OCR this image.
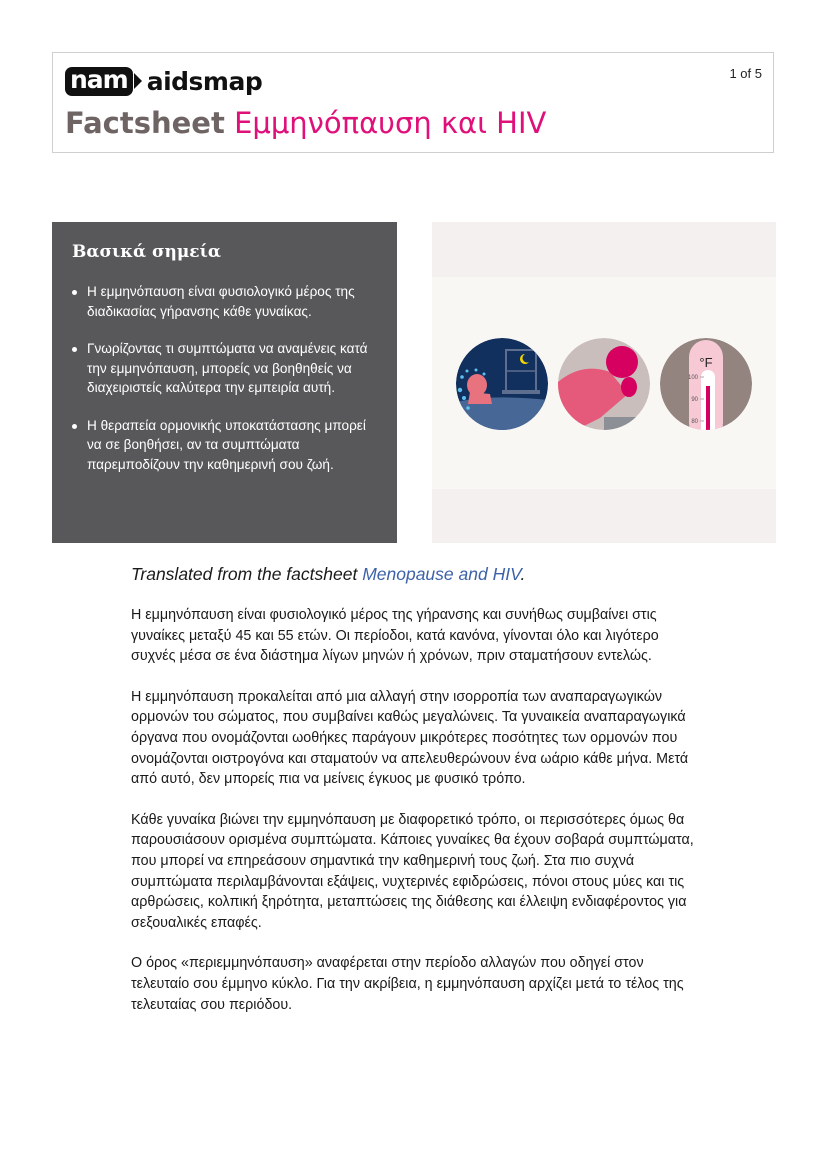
nam aidsmap	1 of 5
Factsheet Εμμηνόπαυση και HIV
Βασικά σημεία
Η εμμηνόπαυση είναι φυσιολογικό μέρος της διαδικασίας γήρανσης κάθε γυναίκας.
Γνωρίζοντας τι συμπτώματα να αναμένεις κατά την εμμηνόπαυση, μπορείς να βοηθηθείς να διαχειριστείς καλύτερα την εμπειρία αυτή.
Η θεραπεία ορμονικής υποκατάστασης μπορεί να σε βοηθήσει, αν τα συμπτώματα παρεμποδίζουν την καθημερινή σου ζωή.
°F
100
90
80

Translated from the factsheet Menopause and HIV.

Η εμμηνόπαυση είναι φυσιολογικό μέρος της γήρανσης και συνήθως συμβαίνει στις γυναίκες μεταξύ 45 και 55 ετών. Οι περίοδοι, κατά κανόνα, γίνονται όλο και λιγότερο συχνές μέσα σε ένα διάστημα λίγων μηνών ή χρόνων, πριν σταματήσουν εντελώς.

Η εμμηνόπαυση προκαλείται από μια αλλαγή στην ισορροπία των αναπαραγωγικών ορμονών του σώματος, που συμβαίνει καθώς μεγαλώνεις. Τα γυναικεία αναπαραγωγικά όργανα που ονομάζονται ωοθήκες παράγουν μικρότερες ποσότητες των ορμονών που ονομάζονται οιστρογόνα και σταματούν να απελευθερώνουν ένα ωάριο κάθε μήνα. Μετά από αυτό, δεν μπορείς πια να μείνεις έγκυος με φυσικό τρόπο.

Κάθε γυναίκα βιώνει την εμμηνόπαυση με διαφορετικό τρόπο, οι περισσότερες όμως θα παρουσιάσουν ορισμένα συμπτώματα. Κάποιες γυναίκες θα έχουν σοβαρά συμπτώματα, που μπορεί να επηρεάσουν σημαντικά την καθημερινή τους ζωή. Στα πιο συχνά συμπτώματα περιλαμβάνονται εξάψεις, νυχτερινές εφιδρώσεις, πόνοι στους μύες και τις αρθρώσεις, κολπική ξηρότητα, μεταπτώσεις της διάθεσης και έλλειψη ενδιαφέροντος για σεξουαλικές επαφές.

Ο όρος «περιεμμηνόπαυση» αναφέρεται στην περίοδο αλλαγών που οδηγεί στον τελευταίο σου έμμηνο κύκλο. Για την ακρίβεια, η εμμηνόπαυση αρχίζει μετά το τέλος της τελευταίας σου περιόδου.
